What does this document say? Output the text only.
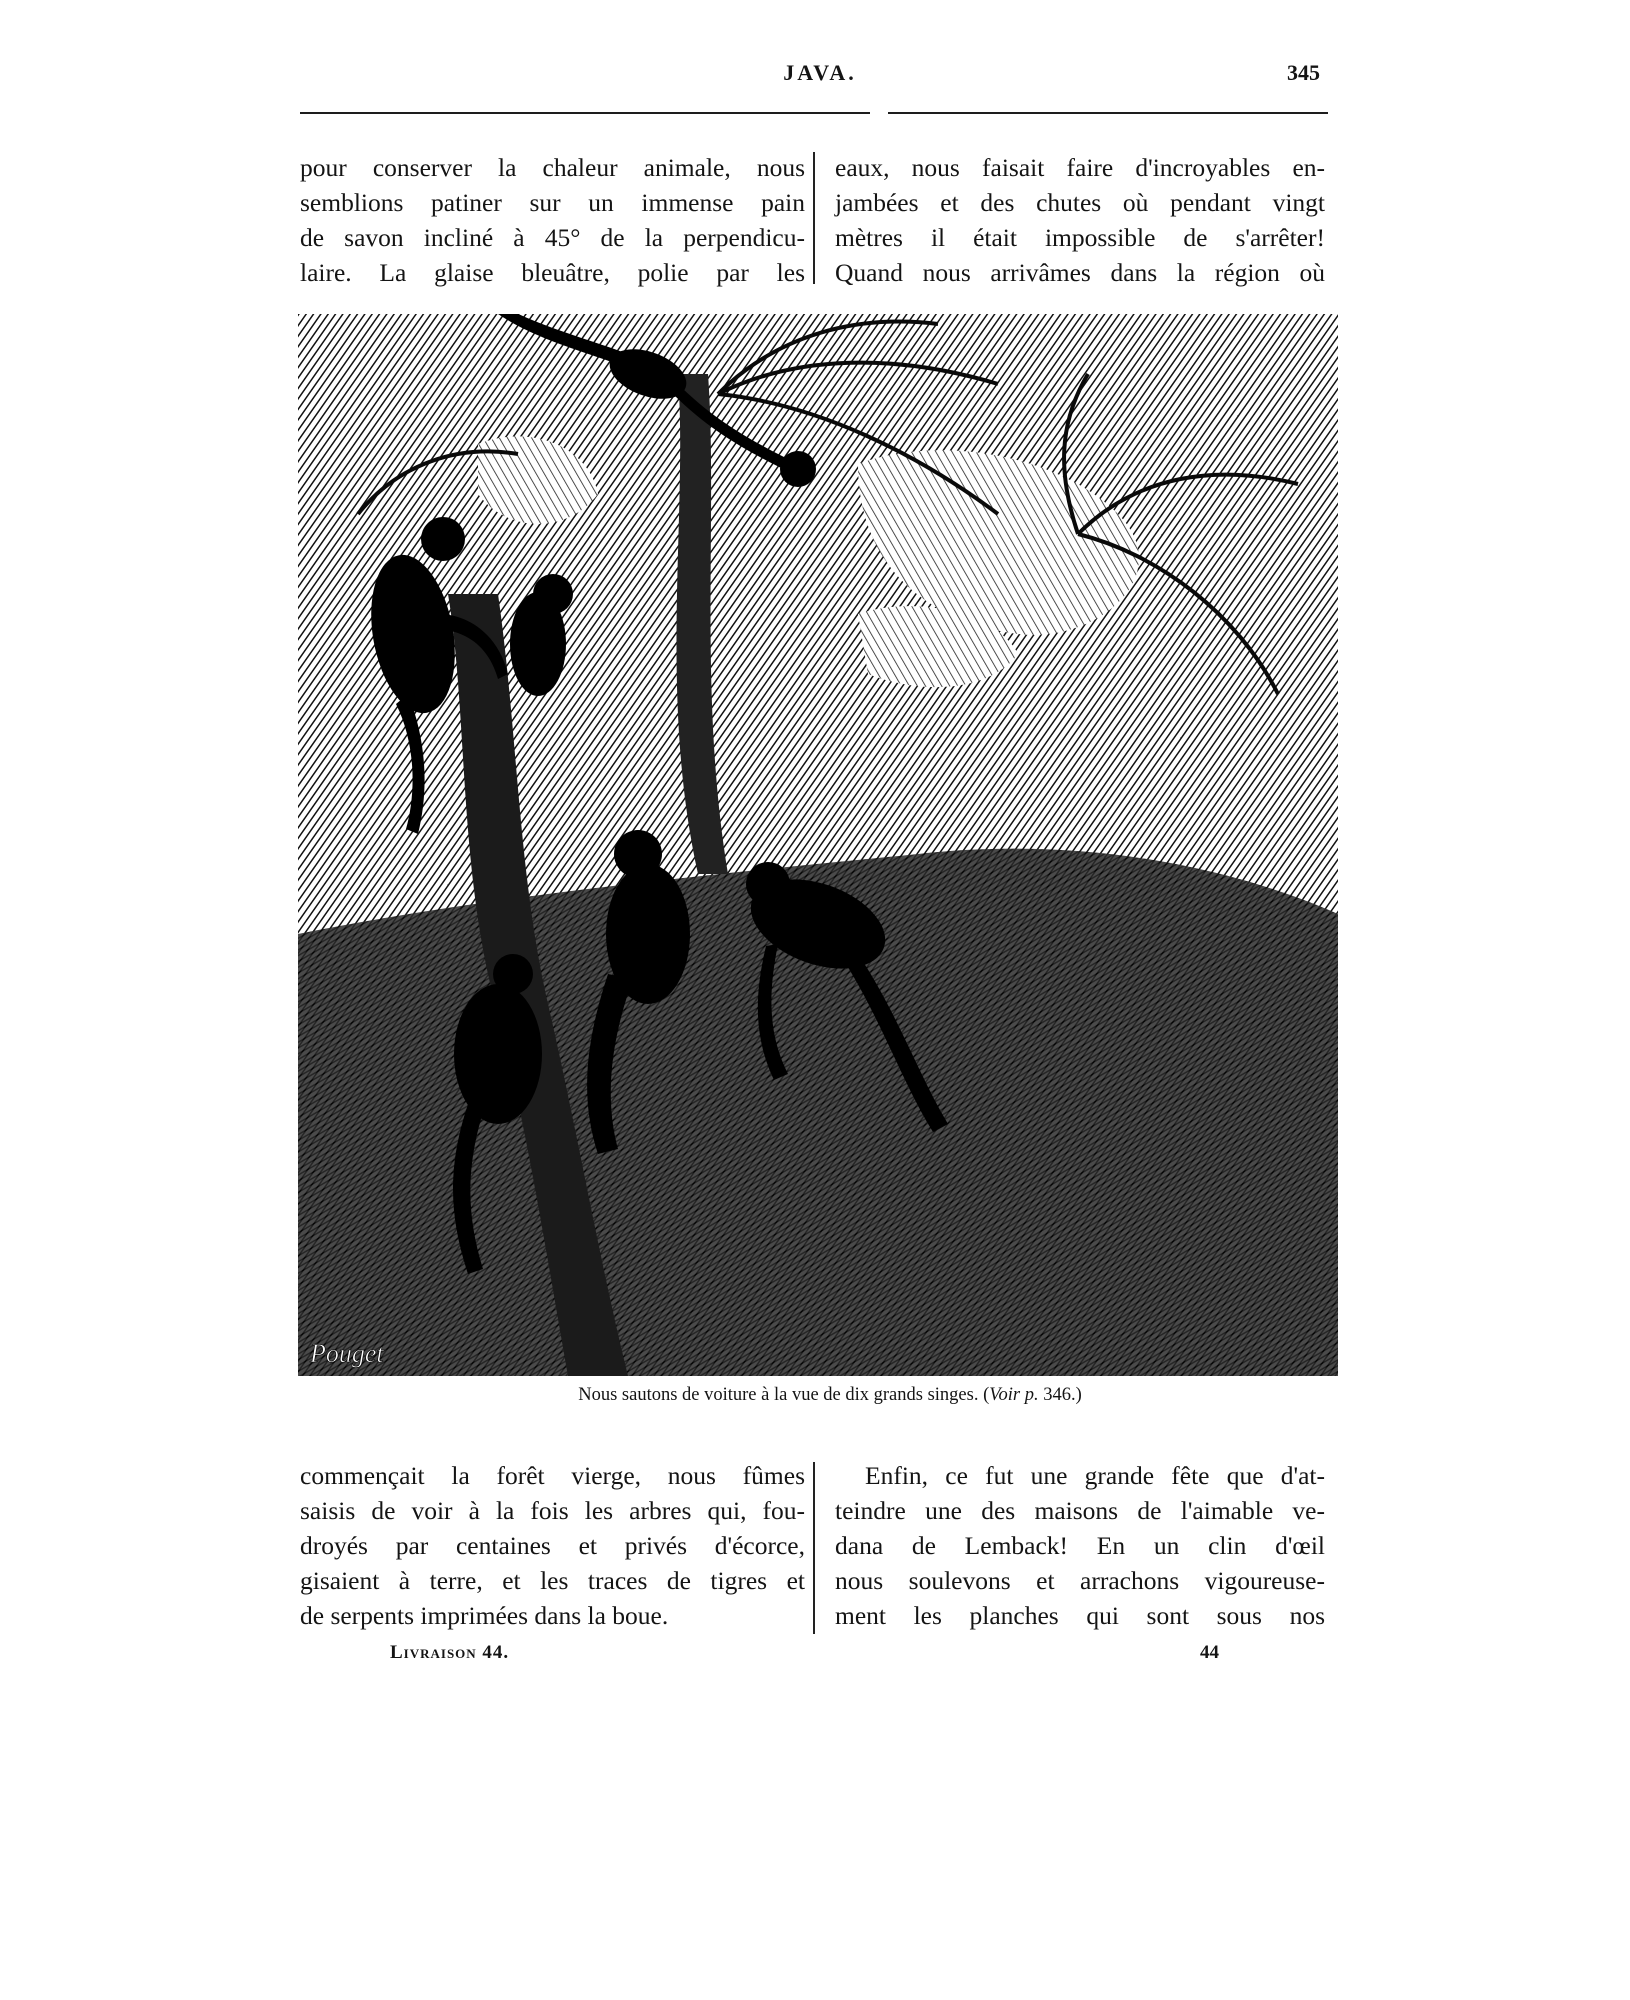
JAVA.	345
pour conserver la chaleur animale, nous
semblions patiner sur un immense pain
de savon incliné à 45° de la perpendicu-
laire. La glaise bleuâtre, polie par les
eaux, nous faisait faire d'incroyables en-
jambées et des chutes où pendant vingt
mètres il était impossible de s'arrêter!
Quand nous arrivâmes dans la région où
Pouget
Nous sautons de voiture à la vue de dix grands singes. (Voir p. 346.)
commençait la forêt vierge, nous fûmes
saisis de voir à la fois les arbres qui, fou-
droyés par centaines et privés d'écorce,
gisaient à terre, et les traces de tigres et
de serpents imprimées dans la boue.
Enfin, ce fut une grande fête que d'at-
teindre une des maisons de l'aimable ve-
dana de Lemback! En un clin d'œil
nous soulevons et arrachons vigoureuse-
ment les planches qui sont sous nos
Livraison 44.	44
